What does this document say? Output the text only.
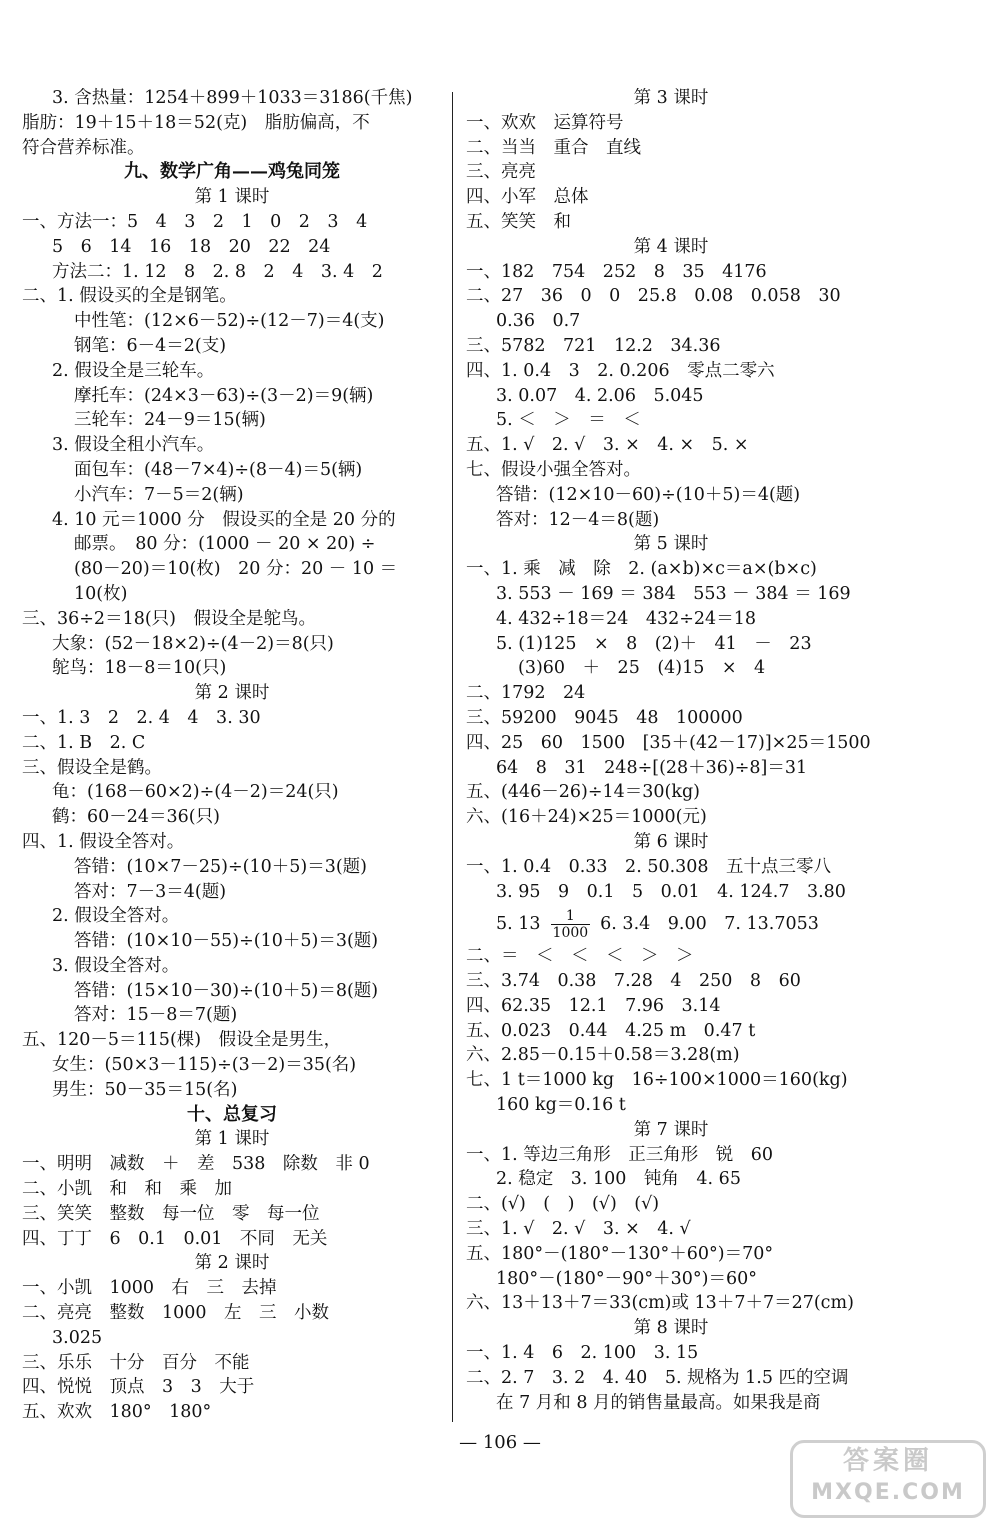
3. 含热量：1254＋899＋1033＝3186(千焦)
脂肪：19＋15＋18＝52(克)　脂肪偏高，不
符合营养标准。
九、数学广角——鸡兔同笼
第 1 课时
一、方法一：5　4　3　2　1　0　2　3　4
5　6　14　16　18　20　22　24
方法二：1. 12　8　2. 8　2　4　3. 4　2
二、1. 假设买的全是钢笔。
中性笔：(12×6－52)÷(12－7)＝4(支)
钢笔：6－4＝2(支)
2. 假设全是三轮车。
摩托车：(24×3－63)÷(3－2)＝9(辆)
三轮车：24－9＝15(辆)
3. 假设全租小汽车。
面包车：(48－7×4)÷(8－4)＝5(辆)
小汽车：7－5＝2(辆)
4. 10 元＝1000 分　假设买的全是 20 分的
邮票。　80 分：(1000 － 20 × 20) ÷
(80－20)＝10(枚)　20 分：20 － 10 ＝
10(枚)
三、36÷2＝18(只)　假设全是鸵鸟。
大象：(52－18×2)÷(4－2)＝8(只)
鸵鸟：18－8＝10(只)
第 2 课时
一、1. 3　2　2. 4　4　3. 30
二、1. B　2. C
三、假设全是鹤。
龟：(168－60×2)÷(4－2)＝24(只)
鹤：60－24＝36(只)
四、1. 假设全答对。
答错：(10×7－25)÷(10＋5)＝3(题)
答对：7－3＝4(题)
2. 假设全答对。
答错：(10×10－55)÷(10＋5)＝3(题)
3. 假设全答对。
答错：(15×10－30)÷(10＋5)＝8(题)
答对：15－8＝7(题)
五、120－5＝115(棵)　假设全是男生，
女生：(50×3－115)÷(3－2)＝35(名)
男生：50－35＝15(名)
十、总复习
第 1 课时
一、明明　减数　＋　差　538　除数　非 0
二、小凯　和　和　乘　加
三、笑笑　整数　每一位　零　每一位
四、丁丁　6　0.1　0.01　不同　无关
第 2 课时
一、小凯　1000　右　三　去掉
二、亮亮　整数　1000　左　三　小数
3.025
三、乐乐　十分　百分　不能
四、悦悦　顶点　3　3　大于
五、欢欢　180°　180°
第 3 课时
一、欢欢　运算符号
二、当当　重合　直线
三、亮亮
四、小军　总体
五、笑笑　和
第 4 课时
一、182　754　252　8　35　4176
二、27　36　0　0　25.8　0.08　0.058　30
0.36　0.7
三、5782　721　12.2　34.36
四、1. 0.4　3　2. 0.206　零点二零六
3. 0.07　4. 2.06　5.045
5. ＜　＞　＝　＜
五、1. √　2. √　3. ×　4. ×　5. ×
七、假设小强全答对。
答错：(12×10－60)÷(10＋5)＝4(题)
答对：12－4＝8(题)
第 5 课时
一、1. 乘　减　除　2. (a×b)×c＝a×(b×c)
3. 553 － 169 ＝ 384　553 － 384 ＝ 169
4. 432÷18＝24　432÷24＝18
5. (1)125　×　8　(2)＋　41　－　23
(3)60　＋　25　(4)15　×　4
二、1792　24
三、59200　9045　48　100000
四、25　60　1500　[35＋(42－17)]×25＝1500
64　8　31　248÷[(28＋36)÷8]＝31
五、(446－26)÷14＝30(kg)
六、(16＋24)×25＝1000(元)
第 6 课时
一、1. 0.4　0.33　2. 50.308　五十点三零八
3. 95　9　0.1　5　0.01　4. 124.7　3.80
5. $13 \frac{1}{1000} 6$. 3.4　9.00　7. 13.7053
二、＝　＜　＜　＜　＞　＞
三、3.74　0.38　7.28　4　250　8　60
四、62.35　12.1　7.96　3.14
五、0.023　0.44　4.25 m　0.47 t
六、2.85－0.15＋0.58＝3.28(m)
七、1 t＝1000 kg　16÷100×1000＝160(kg)
160 kg＝0.16 t
第 7 课时
一、1. 等边三角形　正三角形　锐　60
2. 稳定　3. 100　钝角　4. 65
二、(√)　(　)　(√)　(√)
三、1. √　2. √　3. ×　4. √
五、180°－(180°－130°＋60°)＝70°
180°－(180°－90°＋30°)＝60°
六、13＋13＋7＝33(cm)或 13＋7＋7＝27(cm)
第 8 课时
一、1. 4　6　2. 100　3. 15
二、2. 7　3. 2　4. 40　5. 规格为 1.5 匹的空调
在 7 月和 8 月的销售量最高。如果我是商
— 106 —
答案圈
MXQE.COM
